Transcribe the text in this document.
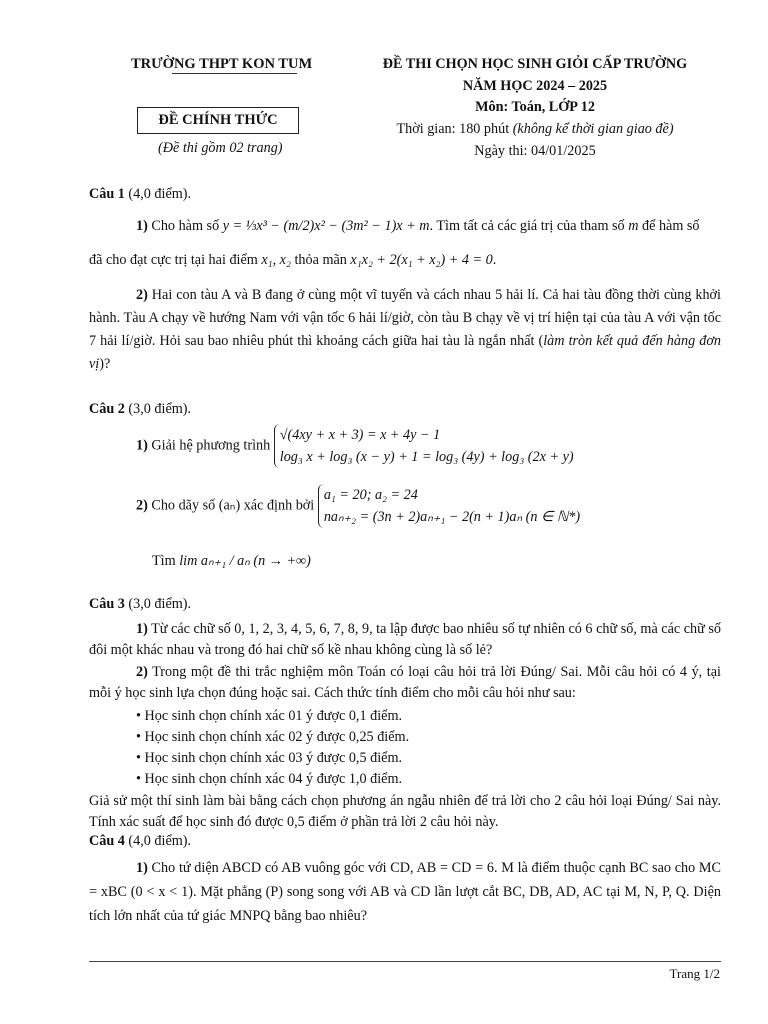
TRƯỜNG THPT KON TUM
ĐỀ CHÍNH THỨC
(Đề thi gồm 02 trang)
ĐỀ THI CHỌN HỌC SINH GIỎI CẤP TRƯỜNG
NĂM HỌC 2024 – 2025
Môn: Toán, LỚP 12
Thời gian: 180 phút (không kể thời gian giao đề)
Ngày thi: 04/01/2025
Câu 1 (4,0 điểm).
1) Cho hàm số y = ⅓x³ − (m/2)x² − (3m² − 1)x + m. Tìm tất cả các giá trị của tham số m để hàm số
đã cho đạt cực trị tại hai điểm x₁, x₂ thỏa mãn x₁x₂ + 2(x₁ + x₂) + 4 = 0.
2) Hai con tàu A và B đang ở cùng một vĩ tuyến và cách nhau 5 hải lí. Cả hai tàu đồng thời cùng khởi hành. Tàu A chạy về hướng Nam với vận tốc 6 hải lí/giờ, còn tàu B chạy về vị trí hiện tại của tàu A với vận tốc 7 hải lí/giờ. Hỏi sau bao nhiêu phút thì khoảng cách giữa hai tàu là ngắn nhất (làm tròn kết quả đến hàng đơn vị)?
Câu 2 (3,0 điểm).
1) Giải hệ phương trình
√(4xy + x + 3) = x + 4y − 1
log₃ x + log₃ (x − y) + 1 = log₃ (4y) + log₃ (2x + y)
2) Cho dãy số (aₙ) xác định bởi
a₁ = 20; a₂ = 24
naₙ₊₂ = (3n + 2)aₙ₊₁ − 2(n + 1)aₙ (n ∈ ℕ*)
Tìm lim aₙ₊₁ / aₙ (n → +∞)
Câu 3 (3,0 điểm).
1) Từ các chữ số 0, 1, 2, 3, 4, 5, 6, 7, 8, 9, ta lập được bao nhiêu số tự nhiên có 6 chữ số, mà các chữ số đôi một khác nhau và trong đó hai chữ số kề nhau không cùng là số lẻ?
2) Trong một đề thi trắc nghiệm môn Toán có loại câu hỏi trả lời Đúng/ Sai. Mỗi câu hỏi có 4 ý, tại mỗi ý học sinh lựa chọn đúng hoặc sai. Cách thức tính điểm cho mỗi câu hỏi như sau:
• Học sinh chọn chính xác 01 ý được 0,1 điểm.
• Học sinh chọn chính xác 02 ý được 0,25 điểm.
• Học sinh chọn chính xác 03 ý được 0,5 điểm.
• Học sinh chọn chính xác 04 ý được 1,0 điểm.
Giả sử một thí sinh làm bài bằng cách chọn phương án ngẫu nhiên để trả lời cho 2 câu hỏi loại Đúng/ Sai này. Tính xác suất để học sinh đó được 0,5 điểm ở phần trả lời 2 câu hỏi này.
Câu 4 (4,0 điểm).
1) Cho tứ diện ABCD có AB vuông góc với CD, AB = CD = 6. M là điểm thuộc cạnh BC sao cho MC = xBC (0 < x < 1). Mặt phẳng (P) song song với AB và CD lần lượt cắt BC, DB, AD, AC tại M, N, P, Q. Diện tích lớn nhất của tứ giác MNPQ bằng bao nhiêu?
Trang 1/2
